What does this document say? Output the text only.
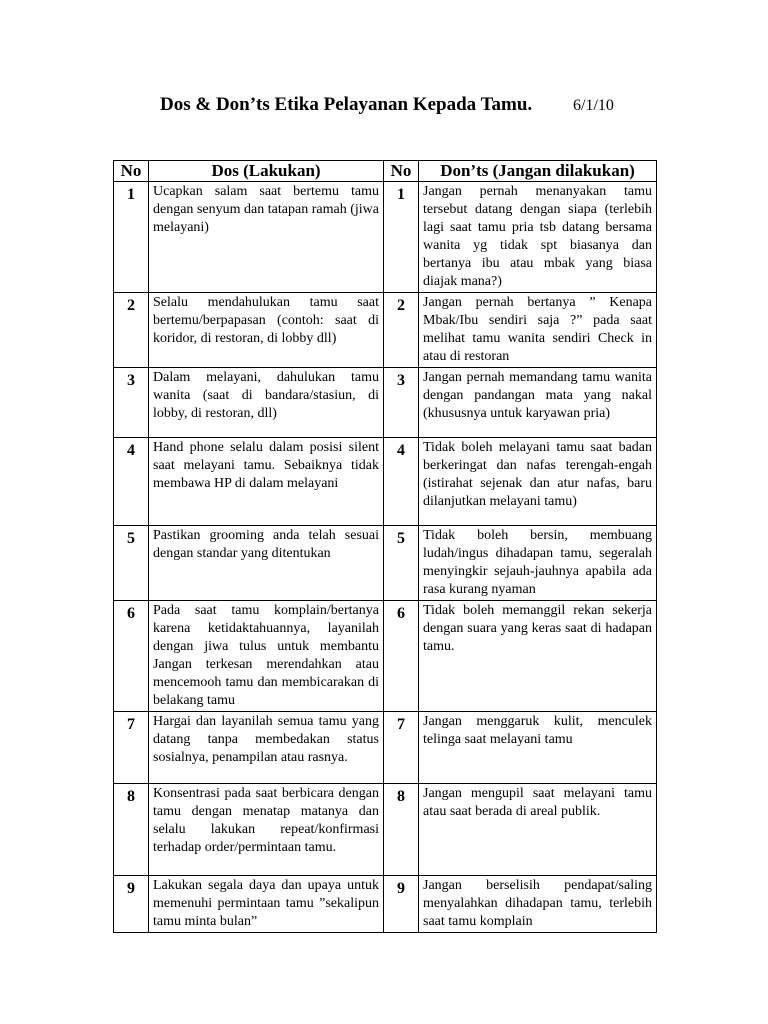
Dos & Don’ts Etika Pelayanan Kepada Tamu.	6/1/10
No	Dos (Lakukan)	No	Don’ts (Jangan dilakukan)
1	Ucapkan salam saat bertemu tamu dengan senyum dan tatapan ramah (jiwa melayani)	1	Jangan pernah menanyakan tamu tersebut datang dengan siapa (terlebih lagi saat tamu pria tsb datang bersama wanita yg tidak spt biasanya dan bertanya ibu atau mbak yang biasa diajak mana?)
2	Selalu mendahulukan tamu saat bertemu/berpapasan (contoh: saat di koridor, di restoran, di lobby dll)	2	Jangan pernah bertanya ” Kenapa Mbak/Ibu sendiri saja ?” pada saat melihat tamu wanita sendiri Check in atau di restoran
3	Dalam melayani, dahulukan tamu wanita (saat di bandara/stasiun, di lobby, di restoran, dll)	3	Jangan pernah memandang tamu wanita dengan pandangan mata yang nakal (khususnya untuk karyawan pria)
4	Hand phone selalu dalam posisi silent saat melayani tamu. Sebaiknya tidak membawa HP di dalam melayani	4	Tidak boleh melayani tamu saat badan berkeringat dan nafas terengah-engah (istirahat sejenak dan atur nafas, baru dilanjutkan melayani tamu)
5	Pastikan grooming anda telah sesuai dengan standar yang ditentukan	5	Tidak boleh bersin, membuang ludah/ingus dihadapan tamu, segeralah menyingkir sejauh-jauhnya apabila ada rasa kurang nyaman
6	Pada saat tamu komplain/bertanya karena ketidaktahuannya, layanilah dengan jiwa tulus untuk membantu Jangan terkesan merendahkan atau mencemooh tamu dan membicarakan di belakang tamu	6	Tidak boleh memanggil rekan sekerja dengan suara yang keras saat di hadapan tamu.
7	Hargai dan layanilah semua tamu yang datang tanpa membedakan status sosialnya, penampilan atau rasnya.	7	Jangan menggaruk kulit, menculek telinga saat melayani tamu
8	Konsentrasi pada saat berbicara dengan tamu dengan menatap matanya dan selalu lakukan repeat/konfirmasi terhadap order/permintaan tamu.	8	Jangan mengupil saat melayani tamu atau saat berada di areal publik.
9	Lakukan segala daya dan upaya untuk memenuhi permintaan tamu ”sekalipun tamu minta bulan”	9	Jangan berselisih pendapat/saling menyalahkan dihadapan tamu, terlebih saat tamu komplain
